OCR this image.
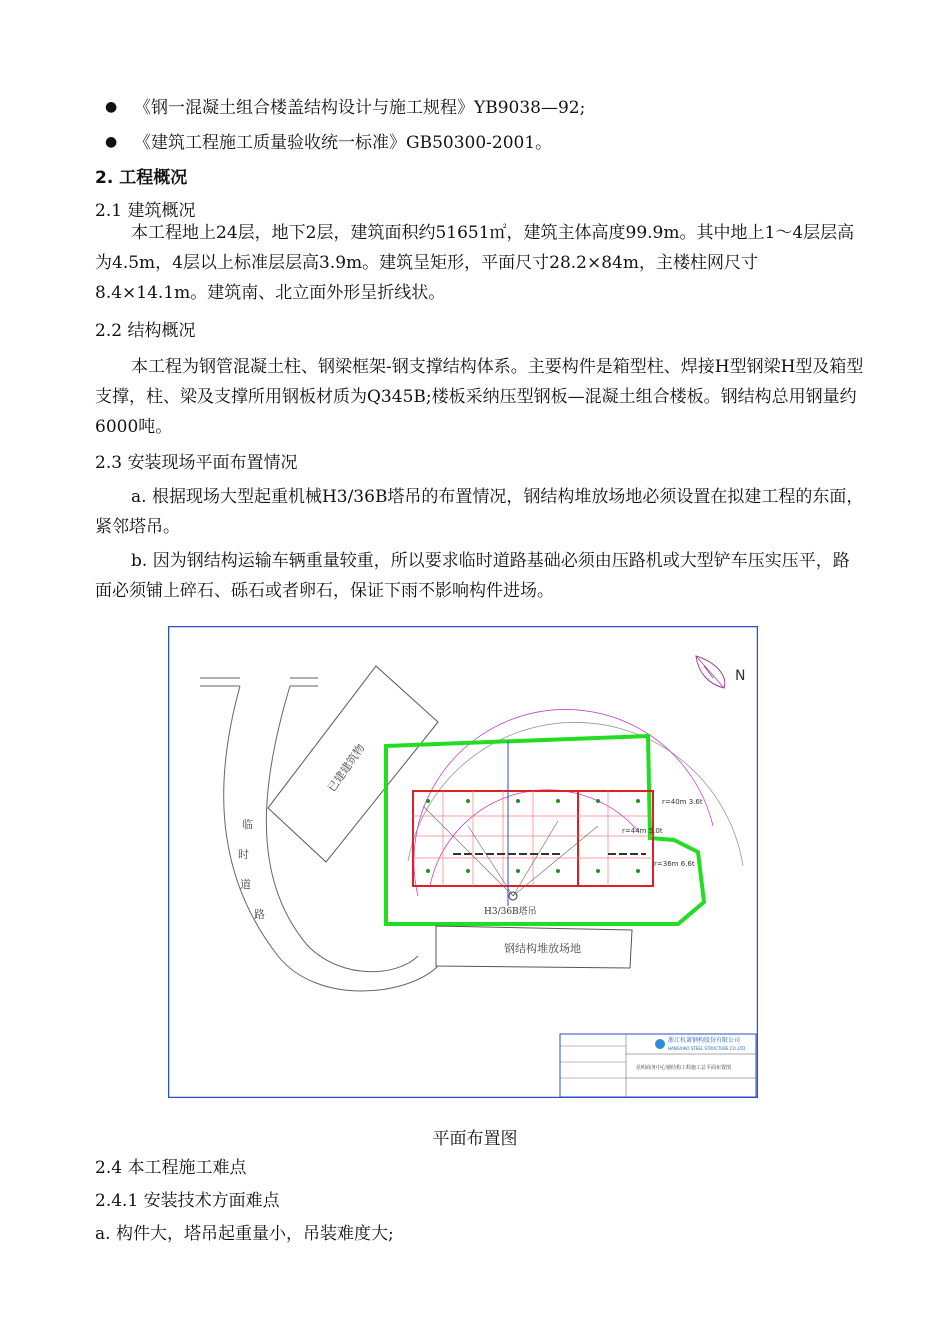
● 《钢一混凝土组合楼盖结构设计与施工规程》YB9038—92;
● 《建筑工程施工质量验收统一标准》GB50300-2001。
2. 工程概况
2.1 建筑概况
本工程地上24层，地下2层，建筑面积约51651㎡，建筑主体高度99.9m。其中地上1～4层层高为4.5m，4层以上标准层层高3.9m。建筑呈矩形，平面尺寸28.2×84m，主楼柱网尺寸8.4×14.1m。建筑南、北立面外形呈折线状。
2.2 结构概况
本工程为钢管混凝土柱、钢梁框架-钢支撑结构体系。主要构件是箱型柱、焊接H型钢梁H型及箱型支撑，柱、梁及支撑所用钢板材质为Q345B;楼板采纳压型钢板—混凝土组合楼板。钢结构总用钢量约6000吨。
2.3 安装现场平面布置情况
a. 根据现场大型起重机械H3/36B塔吊的布置情况，钢结构堆放场地必须设置在拟建工程的东面，紧邻塔吊。
b. 因为钢结构运输车辆重量较重，所以要求临时道路基础必须由压路机或大型铲车压实压平，路面必须铺上碎石、砾石或者卵石，保证下雨不影响构件进场。
N
临
时
道
路
已建建筑物
H3/36B塔吊
r=40m 3.6t
r=44m 5.0t
r=36m 6.6t
钢结构堆放场地
浙江杭萧钢构股份有限公司
HANGXIAO STEEL STRUCTURE CO.,LTD
昆明商务中心钢结构工程施工总平面布置图
平面布置图
2.4 本工程施工难点
2.4.1 安装技术方面难点
a. 构件大，塔吊起重量小，吊装难度大;
